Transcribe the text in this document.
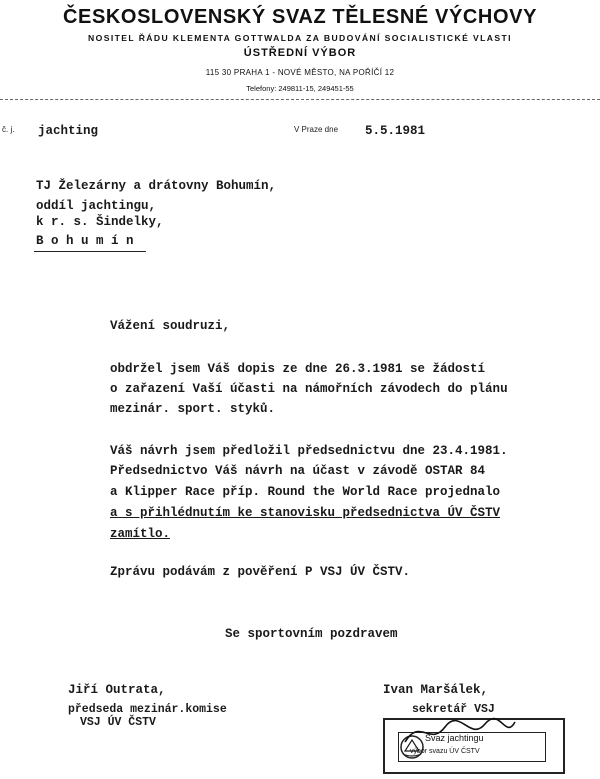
ČESKOSLOVENSKÝ SVAZ TĚLESNÉ VÝCHOVY
NOSITEL ŘÁDU KLEMENTA GOTTWALDA ZA BUDOVÁNÍ SOCIALISTICKÉ VLASTI
ÚSTŘEDNÍ VÝBOR
115 30 PRAHA 1 - NOVÉ MĚSTO, NA POŘÍČÍ 12
Telefony: 249811-15, 249451-55
č. j. jachting	V Praze dne 5.5.1981
TJ Železárny a drátovny Bohumín,
oddíl jachtingu,
k r. s. Šindelky,
B o h u m í n
Vážení soudruzi,
obdržel jsem Váš dopis ze dne 26.3.1981 se žádostí
o zařazení Vaší účasti na námořních závodech do plánu
mezinár. sport. styků.
Váš návrh jsem předložil předsednictvu dne 23.4.1981.
Předsednictvo Váš návrh na účast v závodě OSTAR 84
a Klipper Race příp. Round the World Race projednalo
a s přihlédnutím ke stanovisku předsednictva ÚV ČSTV
zamítlo.
Zprávu podávám z pověření P VSJ ÚV ČSTV.
Se sportovním pozdravem
Jiří Outrata,
předseda mezinár.komise
VSJ ÚV ČSTV
Ivan Maršálek,
sekretář VSJ
Svaz jachtingu
výbor svazu ÚV ČSTV
